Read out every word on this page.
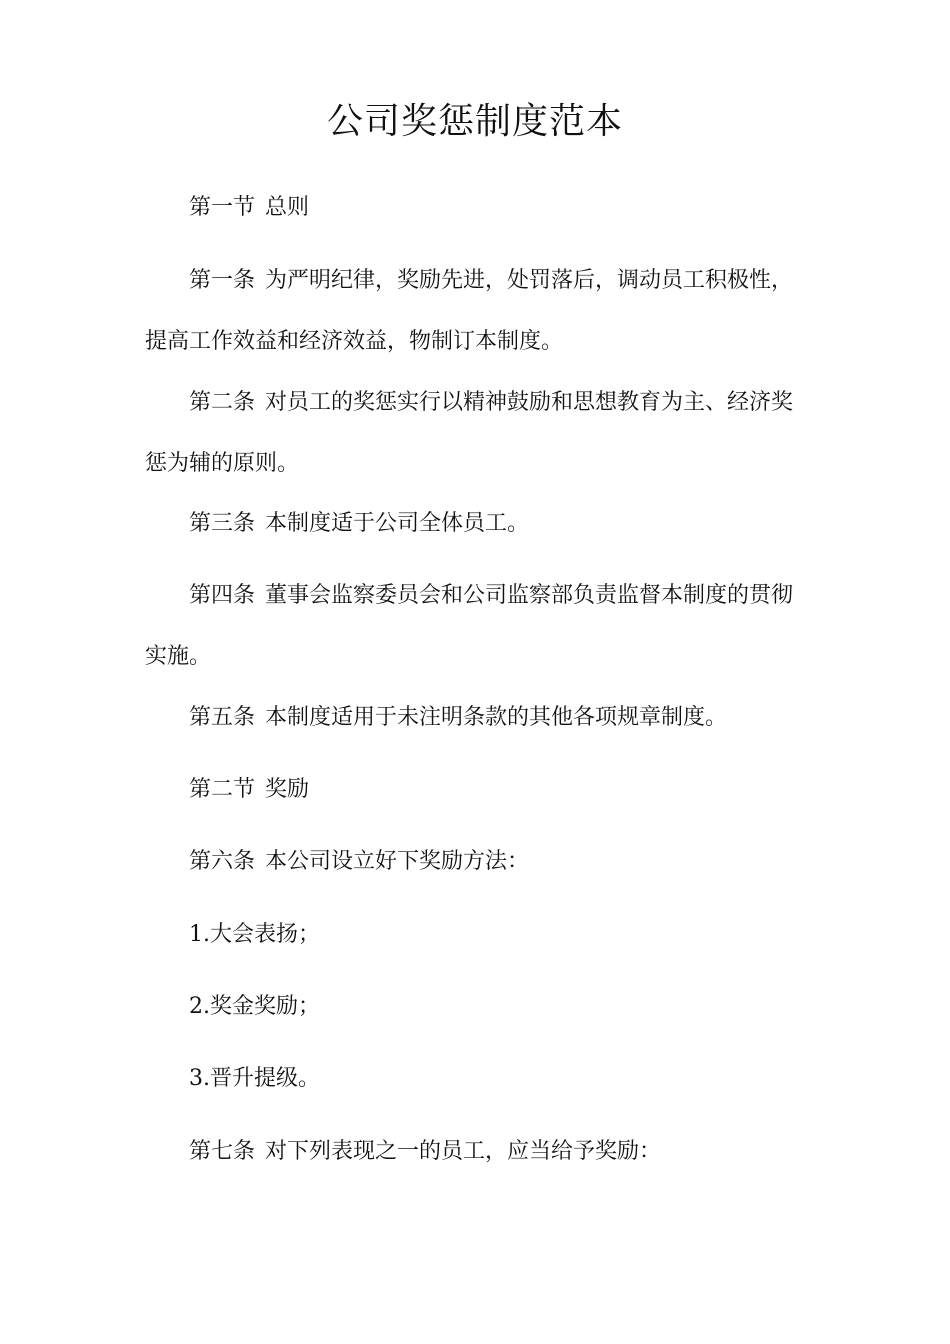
公司奖惩制度范本
第一节 总则
第一条 为严明纪律，奖励先进，处罚落后，调动员工积极性，提高工作效益和经济效益，物制订本制度。
第二条 对员工的奖惩实行以精神鼓励和思想教育为主、经济奖惩为辅的原则。
第三条 本制度适于公司全体员工。
第四条 董事会监察委员会和公司监察部负责监督本制度的贯彻实施。
第五条 本制度适用于未注明条款的其他各项规章制度。
第二节 奖励
第六条 本公司设立好下奖励方法：
1.大会表扬；
2.奖金奖励；
3.晋升提级。
第七条 对下列表现之一的员工，应当给予奖励：
